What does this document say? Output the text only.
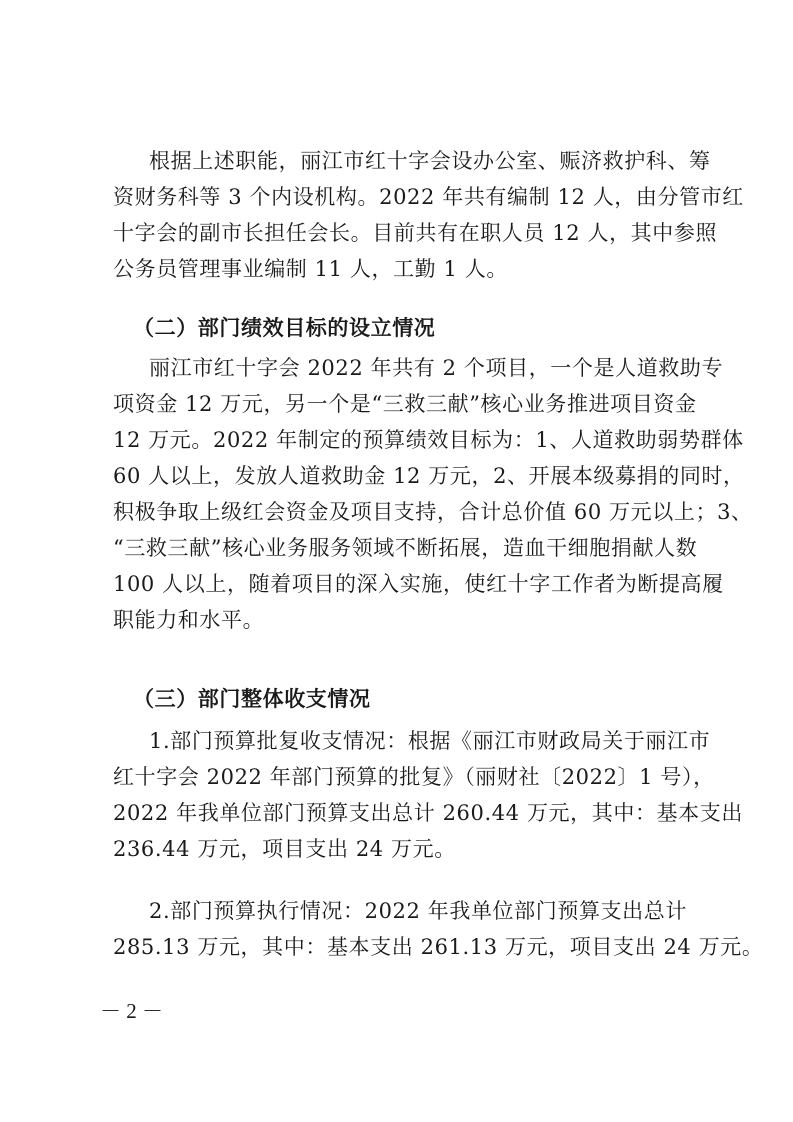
根据上述职能，丽江市红十字会设办公室、赈济救护科、筹
资财务科等 3 个内设机构。2022 年共有编制 12 人，由分管市红
十字会的副市长担任会长。目前共有在职人员 12 人，其中参照
公务员管理事业编制 11 人，工勤 1 人。
（二）部门绩效目标的设立情况
丽江市红十字会 2022 年共有 2 个项目，一个是人道救助专
项资金 12 万元，另一个是“三救三献”核心业务推进项目资金
12 万元。2022 年制定的预算绩效目标为：1、人道救助弱势群体
60 人以上，发放人道救助金 12 万元，2、开展本级募捐的同时，
积极争取上级红会资金及项目支持，合计总价值 60 万元以上；3、
“三救三献”核心业务服务领域不断拓展，造血干细胞捐献人数
100 人以上，随着项目的深入实施，使红十字工作者为断提高履
职能力和水平。
（三）部门整体收支情况
1.部门预算批复收支情况：根据《丽江市财政局关于丽江市
红十字会 2022 年部门预算的批复》（丽财社〔2022〕1 号），
2022 年我单位部门预算支出总计 260.44 万元，其中：基本支出
236.44 万元，项目支出 24 万元。
2.部门预算执行情况：2022 年我单位部门预算支出总计
285.13 万元，其中：基本支出 261.13 万元，项目支出 24 万元。
－ 2 －
